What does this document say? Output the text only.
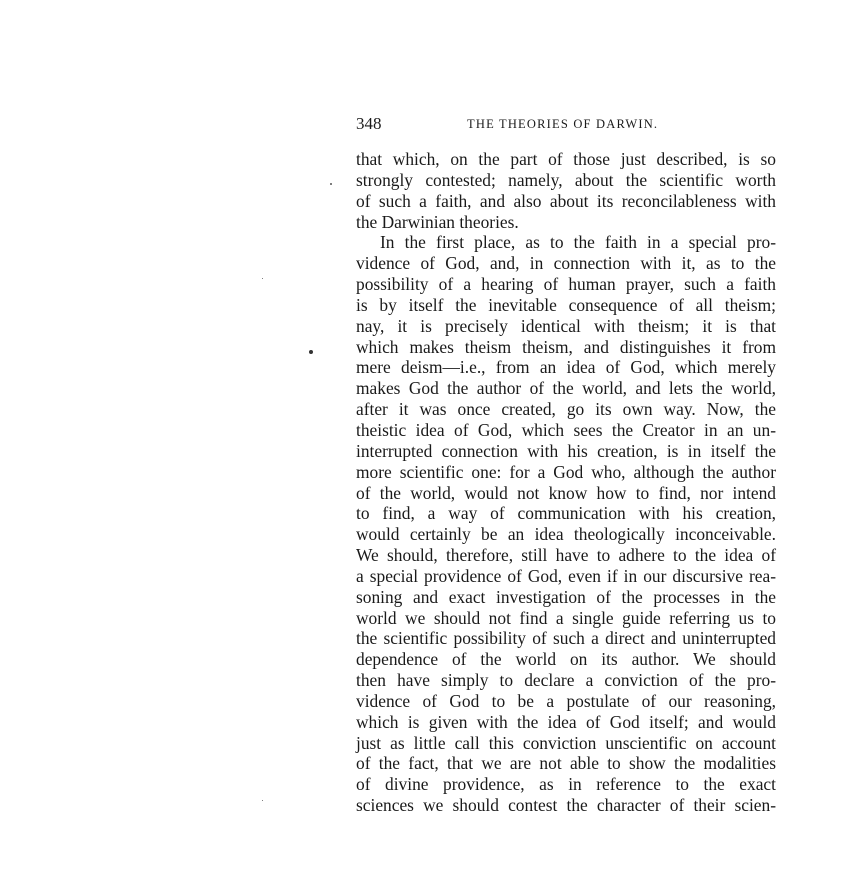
348	THE THEORIES OF DARWIN.
that which, on the part of those just described, is so
strongly contested; namely, about the scientific worth
of such a faith, and also about its reconcilableness with
the Darwinian theories.
In the first place, as to the faith in a special pro-
vidence of God, and, in connection with it, as to the
possibility of a hearing of human prayer, such a faith
is by itself the inevitable consequence of all theism;
nay, it is precisely identical with theism; it is that
which makes theism theism, and distinguishes it from
mere deism—i.e., from an idea of God, which merely
makes God the author of the world, and lets the world,
after it was once created, go its own way. Now, the
theistic idea of God, which sees the Creator in an un-
interrupted connection with his creation, is in itself the
more scientific one: for a God who, although the author
of the world, would not know how to find, nor intend
to find, a way of communication with his creation,
would certainly be an idea theologically inconceivable.
We should, therefore, still have to adhere to the idea of
a special providence of God, even if in our discursive rea-
soning and exact investigation of the processes in the
world we should not find a single guide referring us to
the scientific possibility of such a direct and uninterrupted
dependence of the world on its author. We should
then have simply to declare a conviction of the pro-
vidence of God to be a postulate of our reasoning,
which is given with the idea of God itself; and would
just as little call this conviction unscientific on account
of the fact, that we are not able to show the modalities
of divine providence, as in reference to the exact
sciences we should contest the character of their scien-
